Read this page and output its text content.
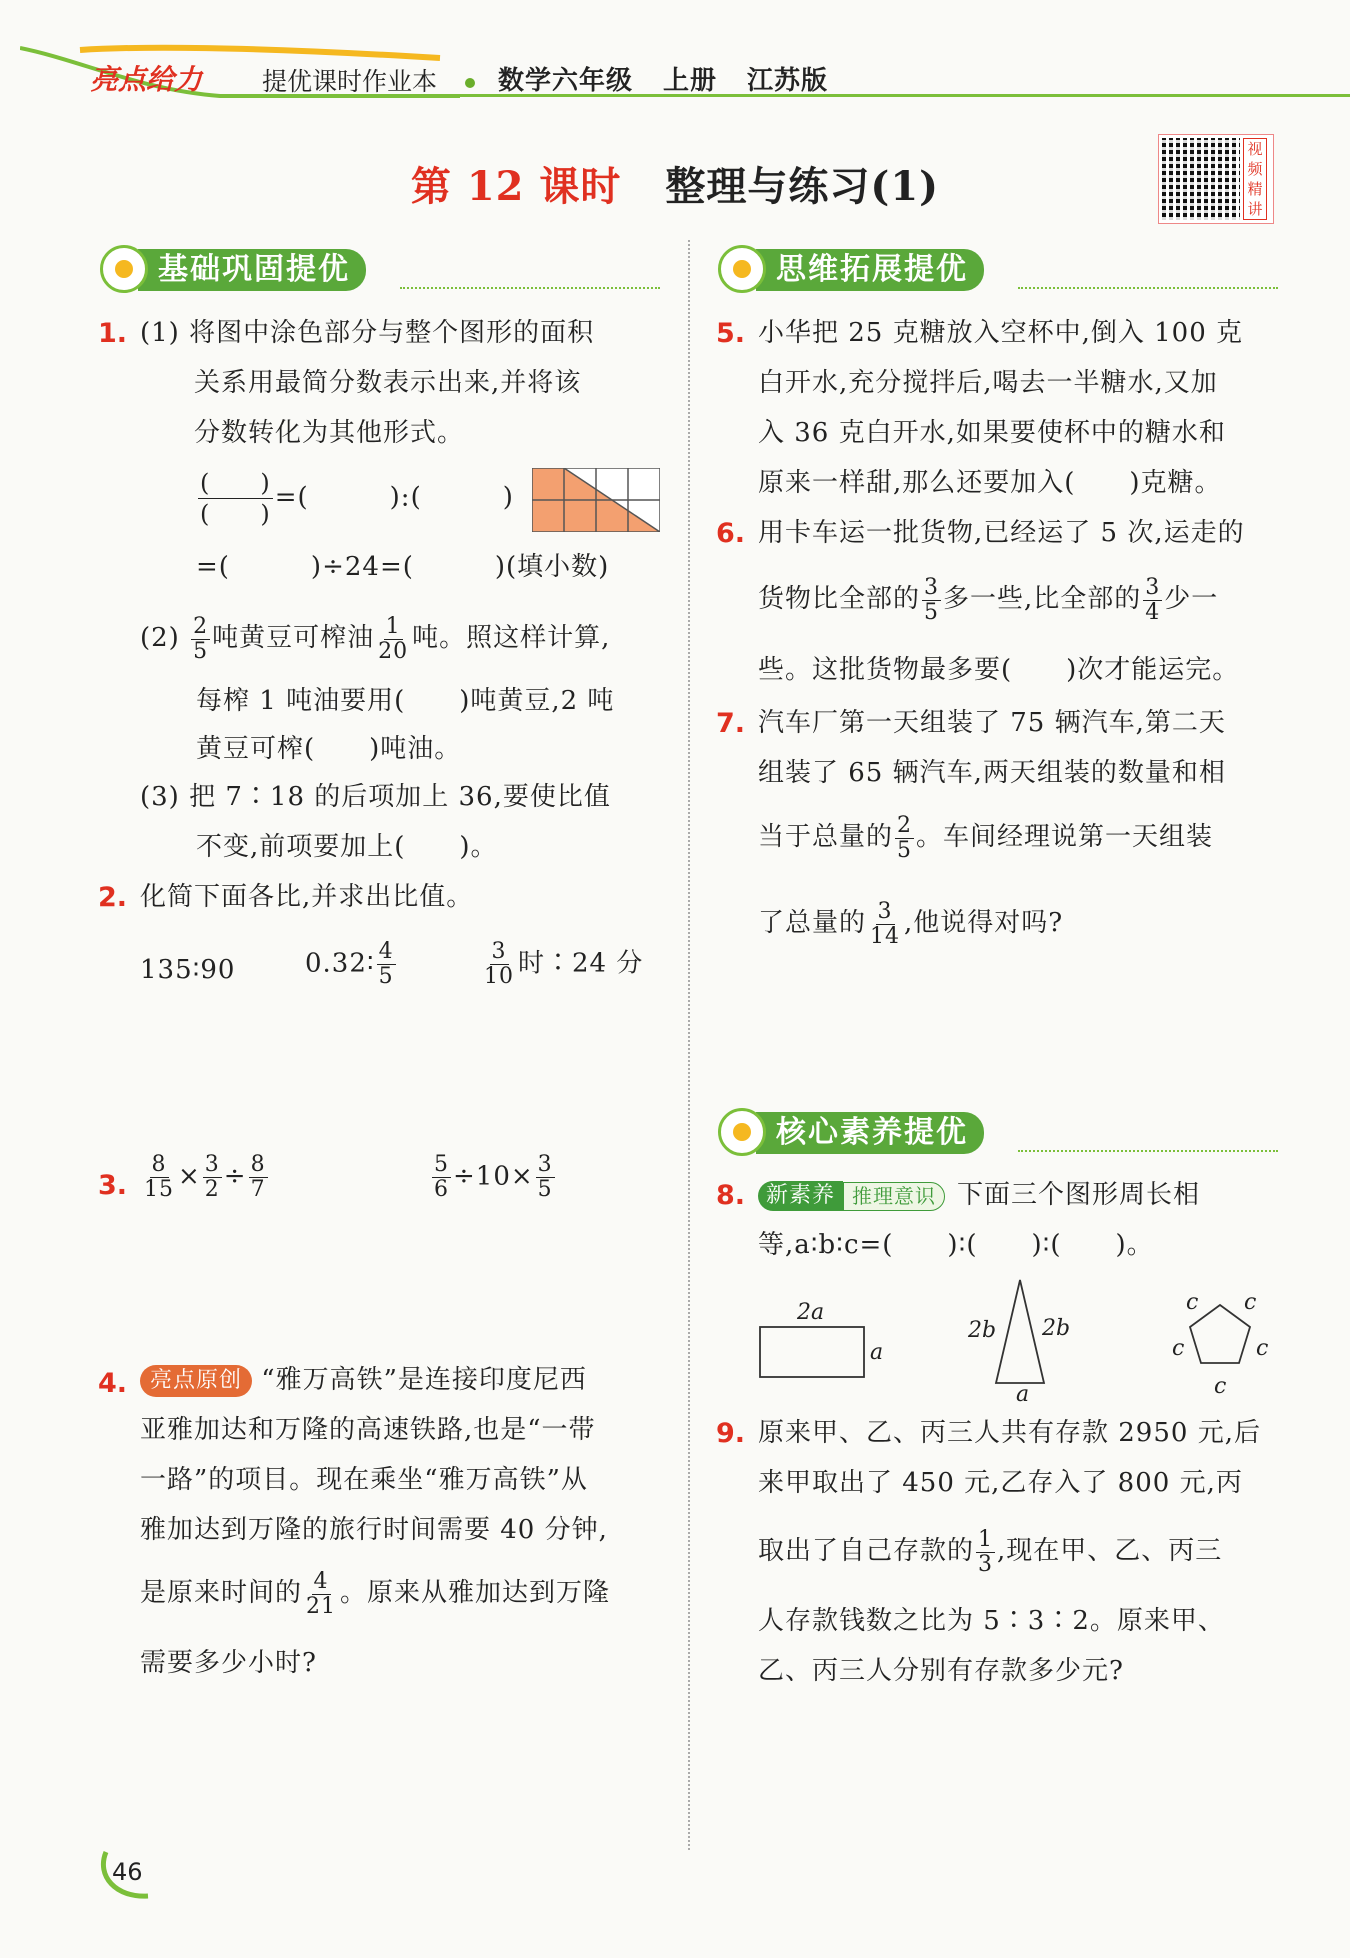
亮点给力 提优课时作业本 数学六年级 上册 江苏版
第 12 课时 整理与练习(1)
视
频
精
讲
基础巩固提优
1. (1) 将图中涂色部分与整个图形的面积
关系用最简分数表示出来,并将该
分数转化为其他形式。
$\frac{( )}{( )}$ =(　　　):(　　　)
=(　　　)÷24=(　　　)(填小数)
$(2) \frac{2}{5}$ 吨黄豆可榨油 $\frac{1}{20}$ 吨。照这样计算,
每榨 1 吨油要用(　　)吨黄豆,2 吨
黄豆可榨(　　)吨油。
(3) 把 7∶18 的后项加上 36,要使比值
不变,前项要加上(　　)。
2. 化简下面各比,并求出比值。
135∶90	0.32∶ $\frac{4}{5}$	$\frac{3}{10}$ 时∶24 分
3. $\frac{8}{15} \times \frac{3}{2} \div \frac{8}{7}$	$\frac{5}{6} \div 10\times \frac{3}{5}$
4.	亮点原创 “雅万高铁”是连接印度尼西
亚雅加达和万隆的高速铁路,也是“一带
一路”的项目。现在乘坐“雅万高铁”从
雅加达到万隆的旅行时间需要 40 分钟,
是原来时间的 $\frac{4}{21}$ 。原来从雅加达到万隆
需要多少小时?
思维拓展提优
5. 小华把 25 克糖放入空杯中,倒入 100 克
白开水,充分搅拌后,喝去一半糖水,又加
入 36 克白开水,如果要使杯中的糖水和
原来一样甜,那么还要加入(　　)克糖。
6. 用卡车运一批货物,已经运了 5 次,运走的
货物比全部的 $\frac{3}{5}$ 多一些,比全部的 $\frac{3}{4}$ 少一
些。这批货物最多要(　　)次才能运完。
7. 汽车厂第一天组装了 75 辆汽车,第二天
组装了 65 辆汽车,两天组装的数量和相
当于总量的 $\frac{2}{5}$ 。车间经理说第一天组装
了总量的 $\frac{3}{14}$ ,他说得对吗?
核心素养提优
8. 新素养 推理意识 下面三个图形周长相
等,a∶b∶c=(　　)∶(　　)∶(　　)。
2a
a
2b 2b
a
c c
c	c
c
9. 原来甲、乙、丙三人共有存款 2950 元,后
来甲取出了 450 元,乙存入了 800 元,丙
取出了自己存款的 $\frac{1}{3}$ ,现在甲、乙、丙三
人存款钱数之比为 5∶3∶2。原来甲、
乙、丙三人分别有存款多少元?
46
